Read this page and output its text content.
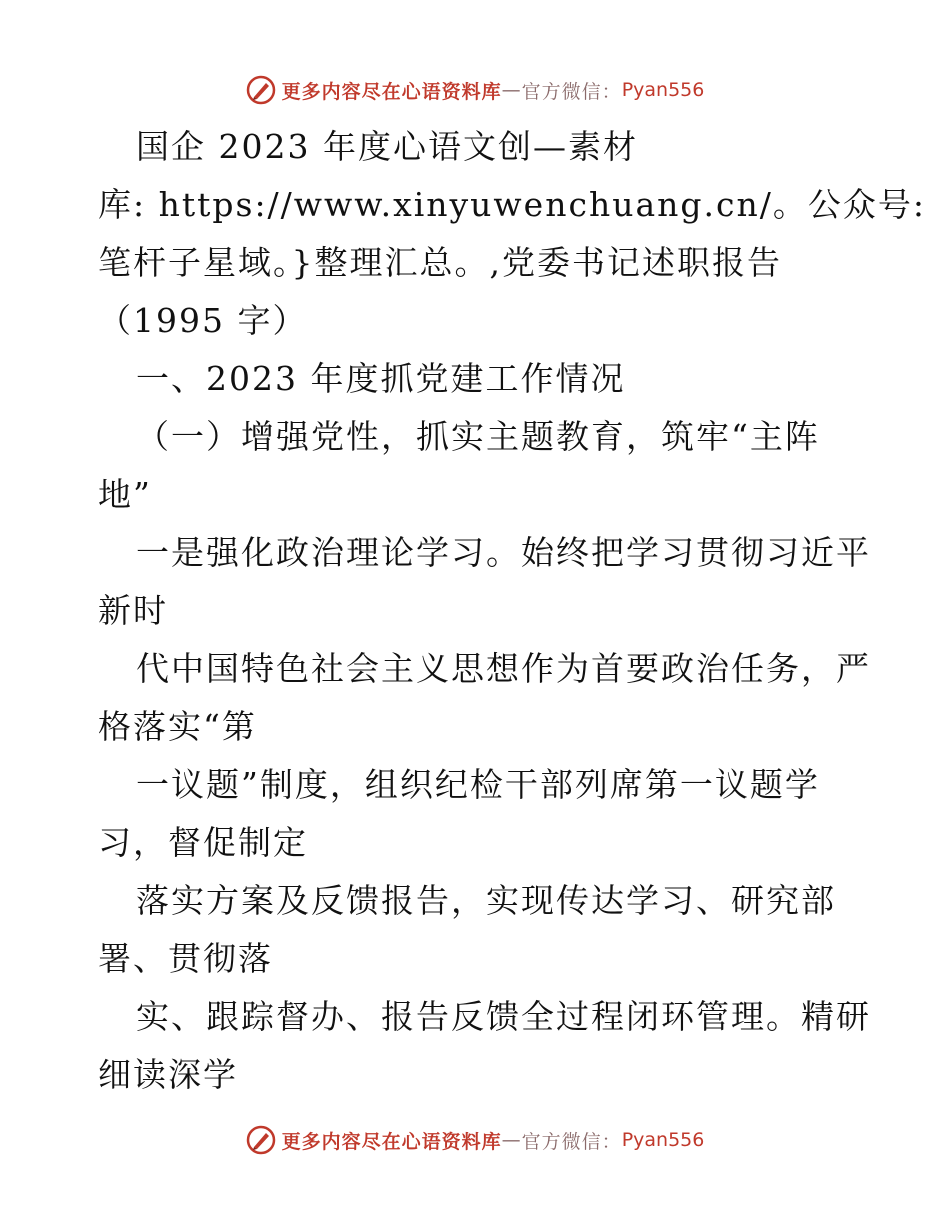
更多内容尽在心语资料库 — 官方微信： Pyan556
国企 2023 年度心语文创—素材
库: https://www.xinyuwenchuang.cn/。公众号:
笔杆子星域。}整理汇总。,党委书记述职报告
（1995 字）
一、2023 年度抓党建工作情况
（一）增强党性，抓实主题教育，筑牢“主阵
地”
一是强化政治理论学习。始终把学习贯彻习近平
新时
代中国特色社会主义思想作为首要政治任务，严
格落实“第
一议题”制度，组织纪检干部列席第一议题学
习，督促制定
落实方案及反馈报告，实现传达学习、研究部
署、贯彻落
实、跟踪督办、报告反馈全过程闭环管理。精研
细读深学
更多内容尽在心语资料库 — 官方微信： Pyan556
